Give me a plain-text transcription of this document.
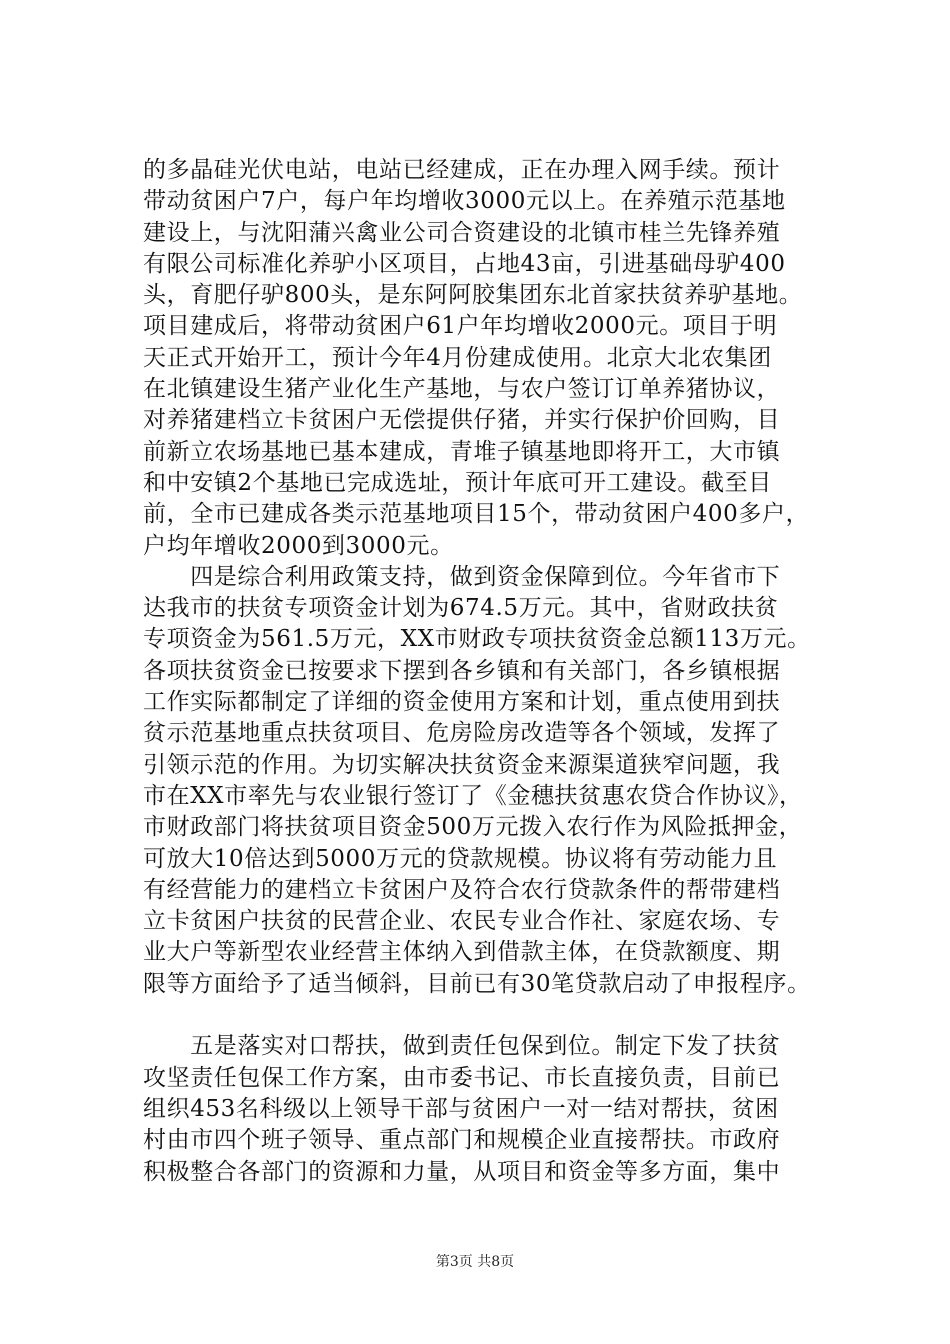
的多晶硅光伏电站，电站已经建成，正在办理入网手续。预计
带动贫困户7户，每户年均增收3000元以上。在养殖示范基地
建设上，与沈阳蒲兴禽业公司合资建设的北镇市桂兰先锋养殖
有限公司标准化养驴小区项目，占地43亩，引进基础母驴400
头，育肥仔驴800头，是东阿阿胶集团东北首家扶贫养驴基地。
项目建成后，将带动贫困户61户年均增收2000元。项目于明
天正式开始开工，预计今年4月份建成使用。北京大北农集团
在北镇建设生猪产业化生产基地，与农户签订订单养猪协议，
对养猪建档立卡贫困户无偿提供仔猪，并实行保护价回购，目
前新立农场基地已基本建成，青堆子镇基地即将开工，大市镇
和中安镇2个基地已完成选址，预计年底可开工建设。截至目
前，全市已建成各类示范基地项目15个，带动贫困户400多户，
户均年增收2000到3000元。
　　四是综合利用政策支持，做到资金保障到位。今年省市下
达我市的扶贫专项资金计划为674.5万元。其中，省财政扶贫
专项资金为561.5万元，XX市财政专项扶贫资金总额113万元。
各项扶贫资金已按要求下摆到各乡镇和有关部门，各乡镇根据
工作实际都制定了详细的资金使用方案和计划，重点使用到扶
贫示范基地重点扶贫项目、危房险房改造等各个领域，发挥了
引领示范的作用。为切实解决扶贫资金来源渠道狭窄问题，我
市在XX市率先与农业银行签订了《金穗扶贫惠农贷合作协议》，
市财政部门将扶贫项目资金500万元拨入农行作为风险抵押金，
可放大10倍达到5000万元的贷款规模。协议将有劳动能力且
有经营能力的建档立卡贫困户及符合农行贷款条件的帮带建档
立卡贫困户扶贫的民营企业、农民专业合作社、家庭农场、专
业大户等新型农业经营主体纳入到借款主体，在贷款额度、期
限等方面给予了适当倾斜，目前已有30笔贷款启动了申报程序。
　　五是落实对口帮扶，做到责任包保到位。制定下发了扶贫
攻坚责任包保工作方案，由市委书记、市长直接负责，目前已
组织453名科级以上领导干部与贫困户一对一结对帮扶，贫困
村由市四个班子领导、重点部门和规模企业直接帮扶。市政府
积极整合各部门的资源和力量，从项目和资金等多方面，集中
第3页 共8页
